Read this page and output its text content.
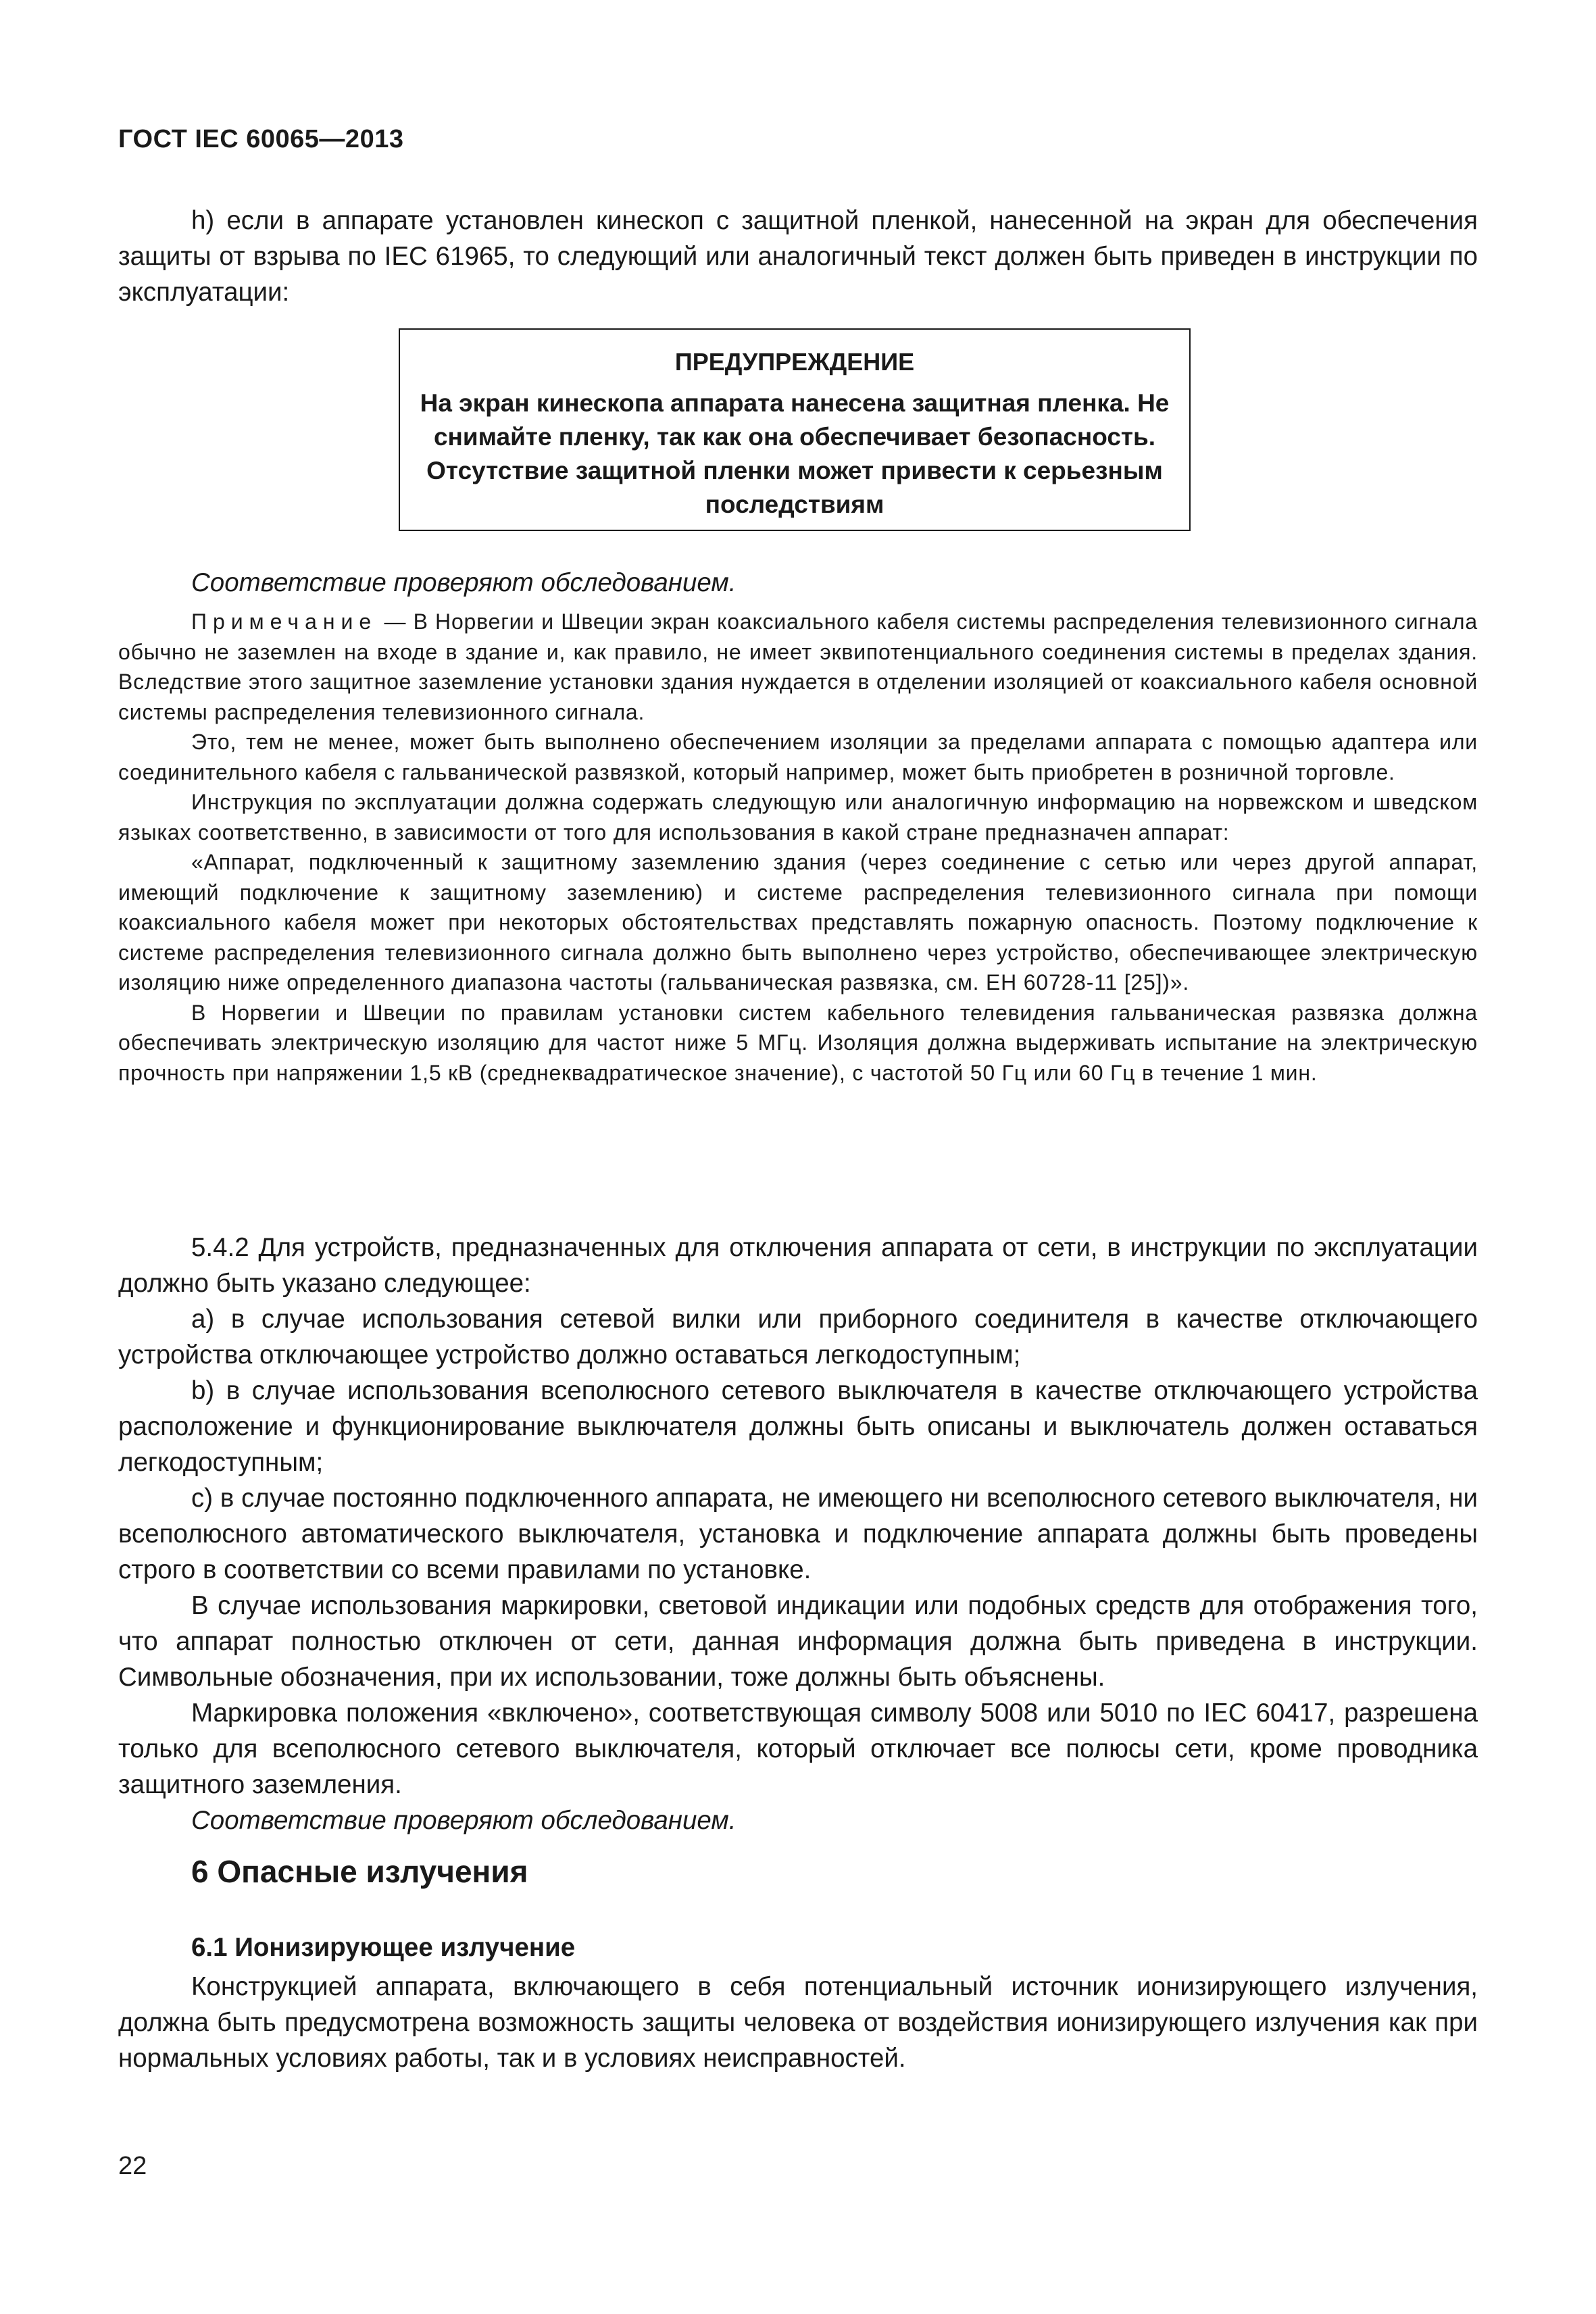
ГОСТ IEC 60065—2013

h) если в аппарате установлен кинескоп с защитной пленкой, нанесенной на экран для обеспечения защиты от взрыва по IEC 61965, то следующий или аналогичный текст должен быть приведен в инструкции по эксплуатации:

ПРЕДУПРЕЖДЕНИЕ
На экран кинескопа аппарата нанесена защитная пленка. Не снимайте пленку, так как она обеспечивает безопасность. Отсутствие защитной пленки может привести к серьезным последствиям

Соответствие проверяют обследованием.

Примечание — В Норвегии и Швеции экран коаксиального кабеля системы распределения телевизионного сигнала обычно не заземлен на входе в здание и, как правило, не имеет эквипотенциального соединения системы в пределах здания. Вследствие этого защитное заземление установки здания нуждается в отделении изоляцией от коаксиального кабеля основной системы распределения телевизионного сигнала.

Это, тем не менее, может быть выполнено обеспечением изоляции за пределами аппарата с помощью адаптера или соединительного кабеля с гальванической развязкой, который например, может быть приобретен в розничной торговле.

Инструкция по эксплуатации должна содержать следующую или аналогичную информацию на норвежском и шведском языках соответственно, в зависимости от того для использования в какой стране предназначен аппарат:

«Аппарат, подключенный к защитному заземлению здания (через соединение с сетью или через другой аппарат, имеющий подключение к защитному заземлению) и системе распределения телевизионного сигнала при помощи коаксиального кабеля может при некоторых обстоятельствах представлять пожарную опасность. Поэтому подключение к системе распределения телевизионного сигнала должно быть выполнено через устройство, обеспечивающее электрическую изоляцию ниже определенного диапазона частоты (гальваническая развязка, см. ЕН 60728-11 [25])».

В Норвегии и Швеции по правилам установки систем кабельного телевидения гальваническая развязка должна обеспечивать электрическую изоляцию для частот ниже 5 МГц. Изоляция должна выдерживать испытание на электрическую прочность при напряжении 1,5 кВ (среднеквадратическое значение), с частотой 50 Гц или 60 Гц в течение 1 мин.

5.4.2 Для устройств, предназначенных для отключения аппарата от сети, в инструкции по эксплуатации должно быть указано следующее:

а) в случае использования сетевой вилки или приборного соединителя в качестве отключающего устройства отключающее устройство должно оставаться легкодоступным;

b) в случае использования всеполюсного сетевого выключателя в качестве отключающего устройства расположение и функционирование выключателя должны быть описаны и выключатель должен оставаться легкодоступным;

с) в случае постоянно подключенного аппарата, не имеющего ни всеполюсного сетевого выключателя, ни всеполюсного автоматического выключателя, установка и подключение аппарата должны быть проведены строго в соответствии со всеми правилами по установке.

В случае использования маркировки, световой индикации или подобных средств для отображения того, что аппарат полностью отключен от сети, данная информация должна быть приведена в инструкции. Символьные обозначения, при их использовании, тоже должны быть объяснены.

Маркировка положения «включено», соответствующая символу 5008 или 5010 по IEC 60417, разрешена только для всеполюсного сетевого выключателя, который отключает все полюсы сети, кроме проводника защитного заземления.

Соответствие проверяют обследованием.

6 Опасные излучения
6.1 Ионизирующее излучение

Конструкцией аппарата, включающего в себя потенциальный источник ионизирующего излучения, должна быть предусмотрена возможность защиты человека от воздействия ионизирующего излучения как при нормальных условиях работы, так и в условиях неисправностей.

22
